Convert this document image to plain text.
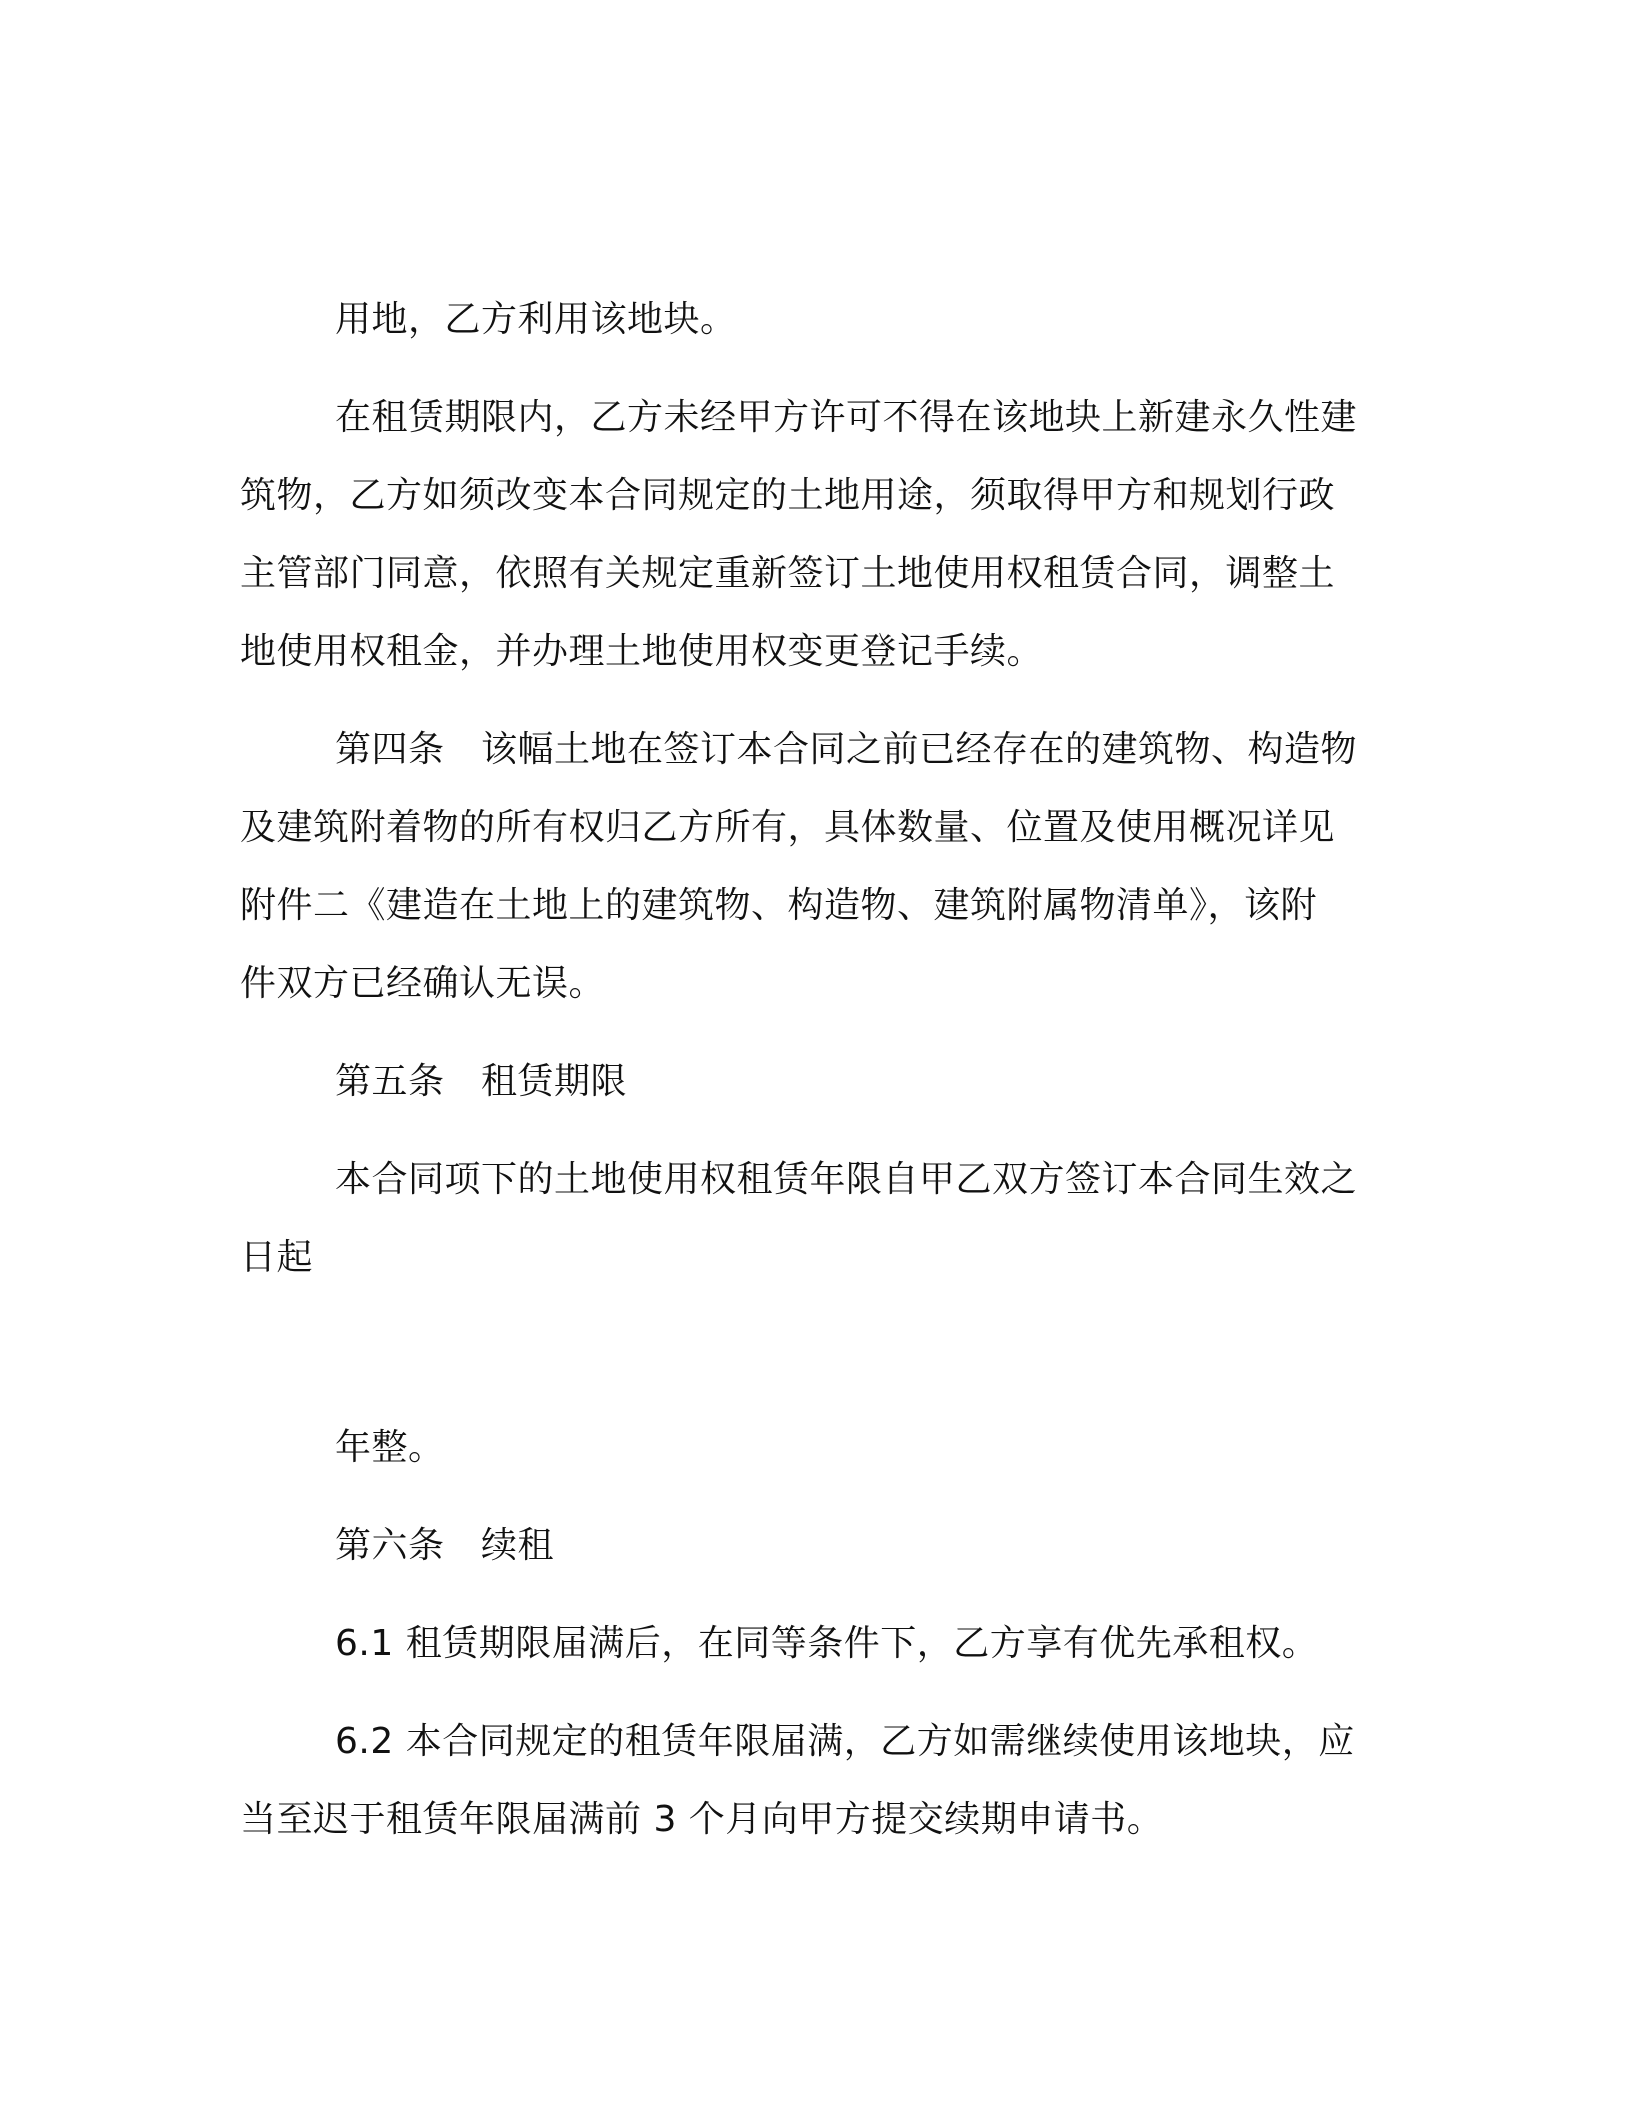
用地，乙方利用该地块。
在租赁期限内，乙方未经甲方许可不得在该地块上新建永久性建
筑物，乙方如须改变本合同规定的土地用途，须取得甲方和规划行政
主管部门同意，依照有关规定重新签订土地使用权租赁合同，调整土
地使用权租金，并办理土地使用权变更登记手续。
第四条　该幅土地在签订本合同之前已经存在的建筑物、构造物
及建筑附着物的所有权归乙方所有，具体数量、位置及使用概况详见
附件二《建造在土地上的建筑物、构造物、建筑附属物清单》，该附
件双方已经确认无误。
第五条　租赁期限
本合同项下的土地使用权租赁年限自甲乙双方签订本合同生效之
日起
年整。
第六条　续租
6.1 租赁期限届满后，在同等条件下，乙方享有优先承租权。
6.2 本合同规定的租赁年限届满，乙方如需继续使用该地块，应
当至迟于租赁年限届满前 3 个月向甲方提交续期申请书。
